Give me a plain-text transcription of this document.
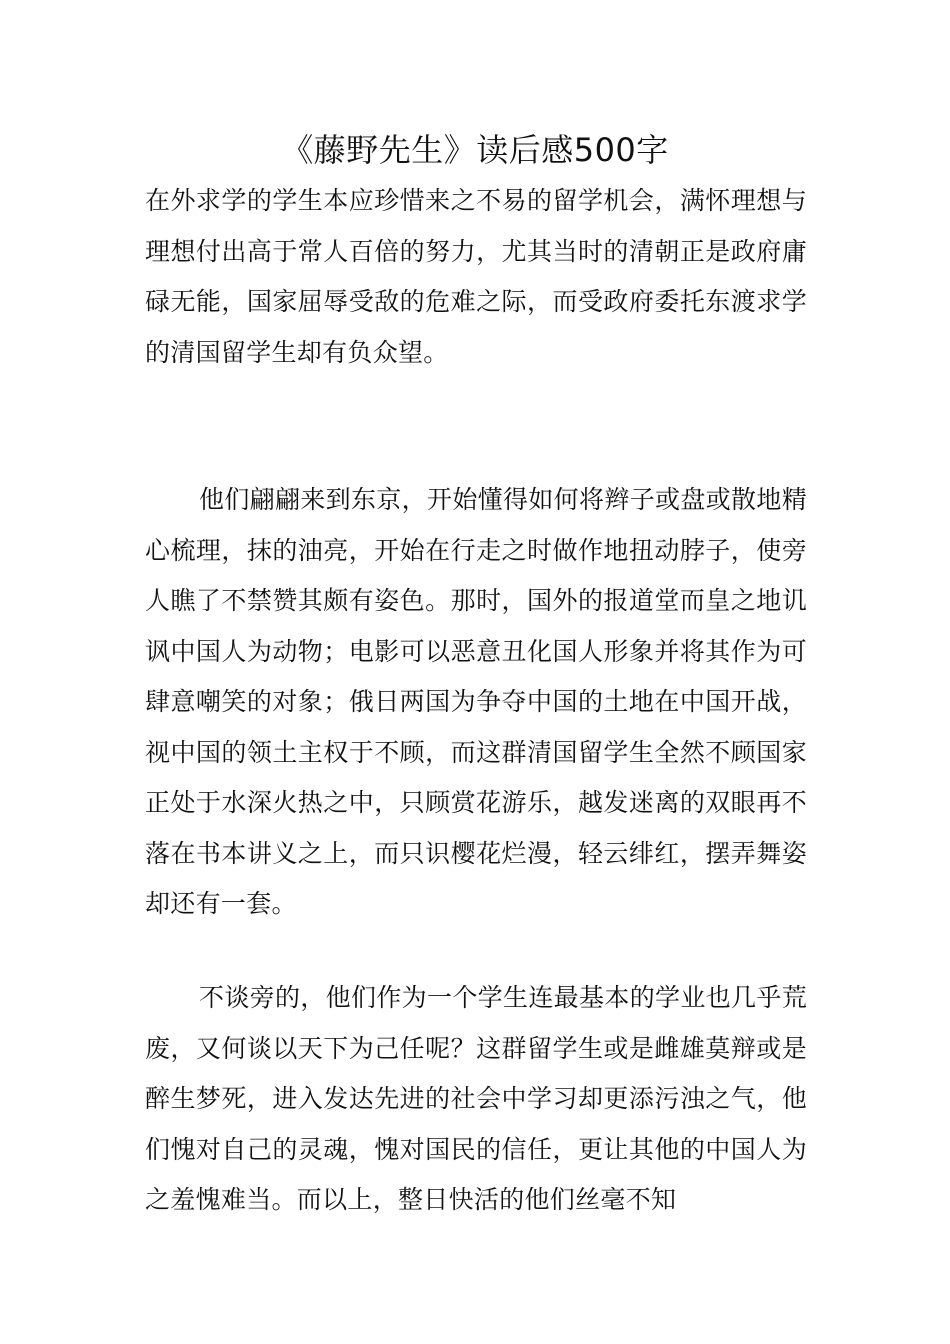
《藤野先生》读后感500字

在外求学的学生本应珍惜来之不易的留学机会，满怀理想与理想付出高于常人百倍的努力，尤其当时的清朝正是政府庸碌无能，国家屈辱受敌的危难之际，而受政府委托东渡求学的清国留学生却有负众望。

他们翩翩来到东京，开始懂得如何将辫子或盘或散地精心梳理，抹的油亮，开始在行走之时做作地扭动脖子，使旁人瞧了不禁赞其颇有姿色。那时，国外的报道堂而皇之地讥讽中国人为动物；电影可以恶意丑化国人形象并将其作为可肆意嘲笑的对象；俄日两国为争夺中国的土地在中国开战，视中国的领土主权于不顾，而这群清国留学生全然不顾国家正处于水深火热之中，只顾赏花游乐，越发迷离的双眼再不落在书本讲义之上，而只识樱花烂漫，轻云绯红，摆弄舞姿却还有一套。

不谈旁的，他们作为一个学生连最基本的学业也几乎荒废，又何谈以天下为己任呢？这群留学生或是雌雄莫辩或是醉生梦死，进入发达先进的社会中学习却更添污浊之气，他们愧对自己的灵魂，愧对国民的信任，更让其他的中国人为之羞愧难当。而以上，整日快活的他们丝毫不知
